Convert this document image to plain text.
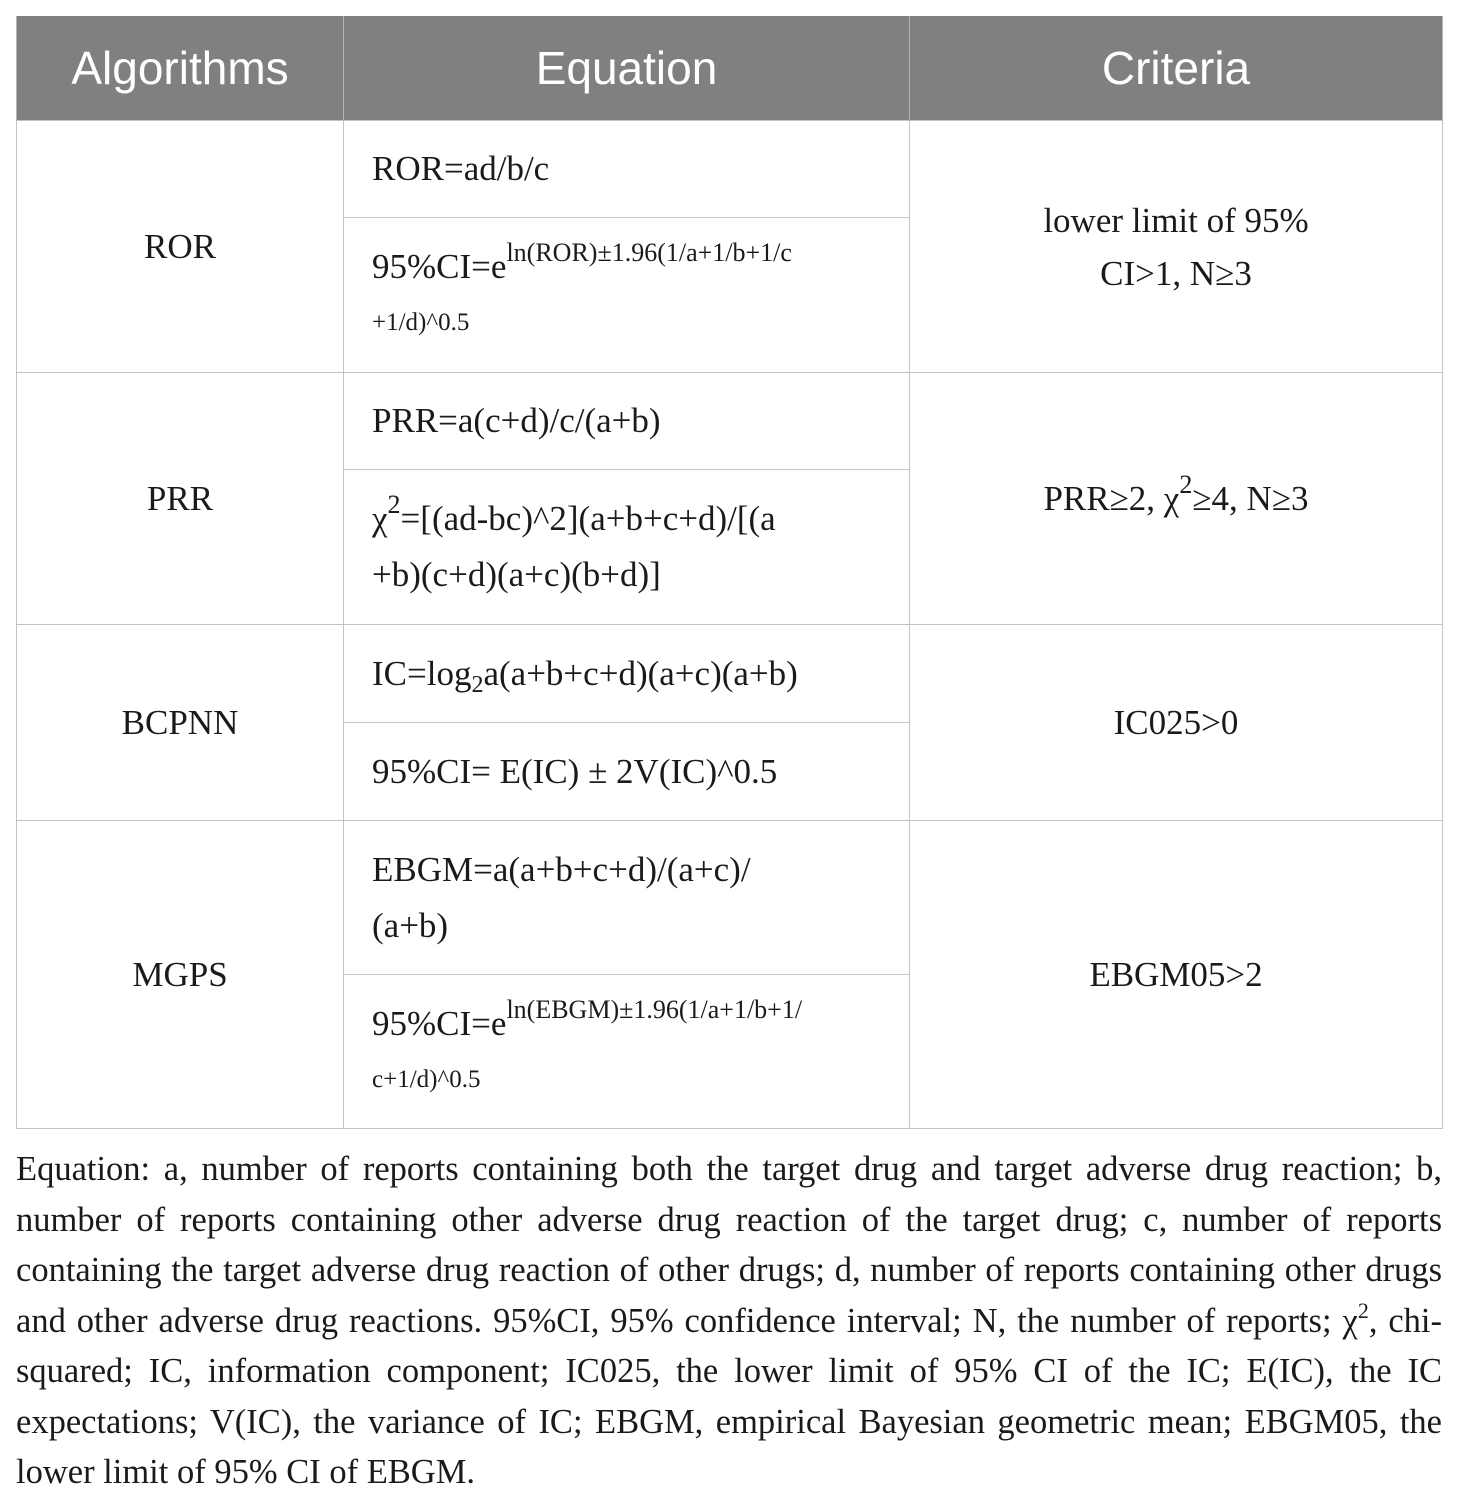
Algorithms	Equation	Criteria
ROR	ROR=ad/b/c	lower limit of 95%
CI>1, N≥3
	$95\%CI=e^{ln(ROR)\pm 1.96(1/a+1/b+1/c}$
+1/d)^0.5	
PRR	PRR=a(c+d)/c/(a+b)	PRR≥2, $\chi^2\ge 4$, N≥3
	$\chi^2=[(ad-bc)\^{}2](a+b+c+d)/[(a$
+b)(c+d)(a+c)(b+d)]	
BCPNN	$IC=\log_2a(a+b+c+d)(a+c)(a+b)$	IC025>0
	95%CI= E(IC) ± 2V(IC)^0.5	
MGPS	EBGM=a(a+b+c+d)/(a+c)/
(a+b)	EBGM05>2
	$95\%CI=e^{ln(EBGM)\pm 1.96(1/a+1/b+1/}$
c+1/d)^0.5	

Equation: a, number of reports containing both the target drug and target adverse drug reaction; b, number of reports containing other adverse drug reaction of the target drug; c, number of reports containing the target adverse drug reaction of other drugs; d, number of reports containing other drugs and other adverse drug reactions. 95%CI, 95% confidence interval; N, the number of reports; $\chi^2$, chi-squared; IC, information component; IC025, the lower limit of 95% CI of the IC; E(IC), the IC expectations; V(IC), the variance of IC; EBGM, empirical Bayesian geometric mean; EBGM05, the lower limit of 95% CI of EBGM.
